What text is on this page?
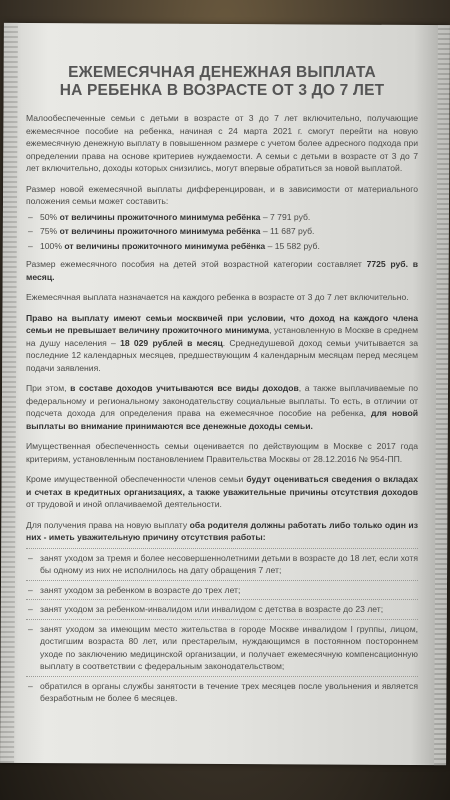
ЕЖЕМЕСЯЧНАЯ ДЕНЕЖНАЯ ВЫПЛАТА
НА РЕБЕНКА В ВОЗРАСТЕ ОТ 3 ДО 7 ЛЕТ

Малообеспеченные семьи с детьми в возрасте от 3 до 7 лет включительно, получающие ежемесячное пособие на ребенка, начиная с 24 марта 2021 г. смогут перейти на новую ежемесячную денежную выплату в повышенном размере с учетом более адресного подхода при определении права на основе критериев нуждаемости. А семьи с детьми в возрасте от 3 до 7 лет включительно, доходы которых снизились, могут впервые обратиться за новой выплатой.

Размер новой ежемесячной выплаты дифференцирован, и в зависимости от материального положения семьи может составить:

– 50% от величины прожиточного минимума ребёнка – 7 791 руб.
– 75% от величины прожиточного минимума ребёнка – 11 687 руб.
– 100% от величины прожиточного минимума ребёнка – 15 582 руб.

Размер ежемесячного пособия на детей этой возрастной категории составляет 7725 руб. в месяц.

Ежемесячная выплата назначается на каждого ребенка в возрасте от 3 до 7 лет включительно.

Право на выплату имеют семьи москвичей при условии, что доход на каждого члена семьи не превышает величину прожиточного минимума, установленную в Москве в среднем на душу населения – 18 029 рублей в месяц. Среднедушевой доход семьи учитывается за последние 12 календарных месяцев, предшествующим 4 календарным месяцам перед месяцем подачи заявления.

При этом, в составе доходов учитываются все виды доходов, а также выплачиваемые по федеральному и региональному законодательству социальные выплаты. То есть, в отличии от подсчета дохода для определения права на ежемесячное пособие на ребенка, для новой выплаты во внимание принимаются все денежные доходы семьи.

Имущественная обеспеченность семьи оценивается по действующим в Москве с 2017 года критериям, установленным постановлением Правительства Москвы от 28.12.2016 № 954-ПП.

Кроме имущественной обеспеченности членов семьи будут оцениваться сведения о вкладах и счетах в кредитных организациях, а также уважительные причины отсутствия доходов от трудовой и иной оплачиваемой деятельности.

Для получения права на новую выплату оба родителя должны работать либо только один из них - иметь уважительную причину отсутствия работы:

– занят уходом за тремя и более несовершеннолетними детьми в возрасте до 18 лет, если хотя бы одному из них не исполнилось на дату обращения 7 лет;
– занят уходом за ребенком в возрасте до трех лет;
– занят уходом за ребенком-инвалидом или инвалидом с детства в возрасте до 23 лет;
– занят уходом за имеющим место жительства в городе Москве инвалидом I группы, лицом, достигшим возраста 80 лет, или престарелым, нуждающимся в постоянном постороннем уходе по заключению медицинской организации, и получает ежемесячную компенсационную выплату в соответствии с федеральным законодательством;
– обратился в органы службы занятости в течение трех месяцев после увольнения и является безработным не более 6 месяцев.
